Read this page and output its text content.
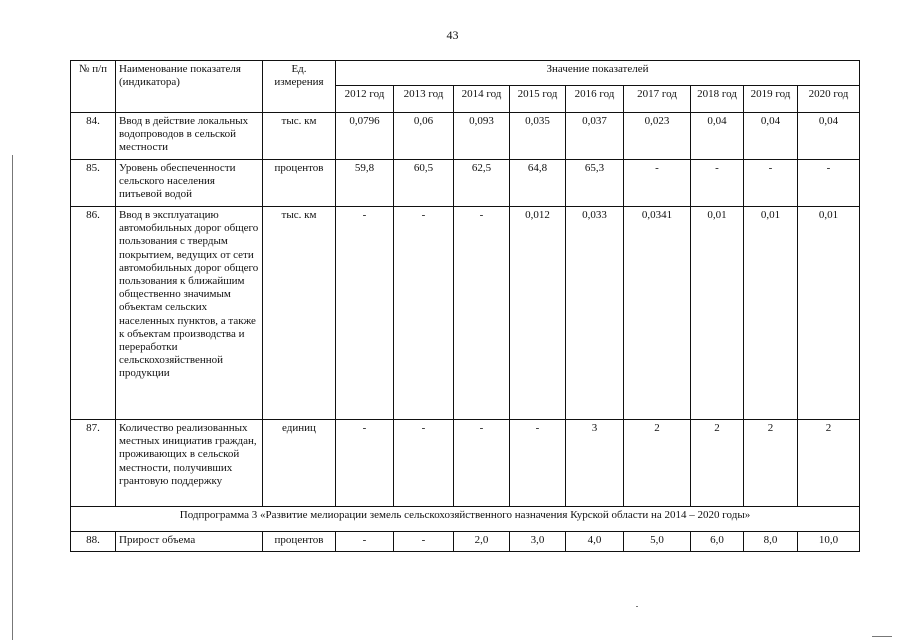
43
№ п/п	Наименование показателя (индикатора)	Ед. измерения	Значение показателей								
			2012 год	2013 год	2014 год	2015 год	2016 год	2017 год	2018 год	2019 год	2020 год
84.	Ввод в действие локальных водопроводов в сельской местности	тыс. км	0,0796	0,06	0,093	0,035	0,037	0,023	0,04	0,04	0,04
85.	Уровень обеспеченности сельского населения питьевой водой	процентов	59,8	60,5	62,5	64,8	65,3	-	-	-	-
86.	Ввод в эксплуатацию автомобильных дорог общего пользования с твердым покрытием, ведущих от сети автомобильных дорог общего пользования к ближайшим общественно значимым объектам сельских населенных пунктов, а также к объектам производства и переработки сельскохозяйственной продукции	тыс. км	-	-	-	0,012	0,033	0,0341	0,01	0,01	0,01
87.	Количество реализованных местных инициатив граждан, проживающих в сельской местности, получивших грантовую поддержку	единиц	-	-	-	-	3	2	2	2	2
Подпрограмма 3 «Развитие мелиорации земель сельскохозяйственного назначения Курской области на 2014 – 2020 годы»											
88.	Прирост объема	процентов	-	-	2,0	3,0	4,0	5,0	6,0	8,0	10,0
